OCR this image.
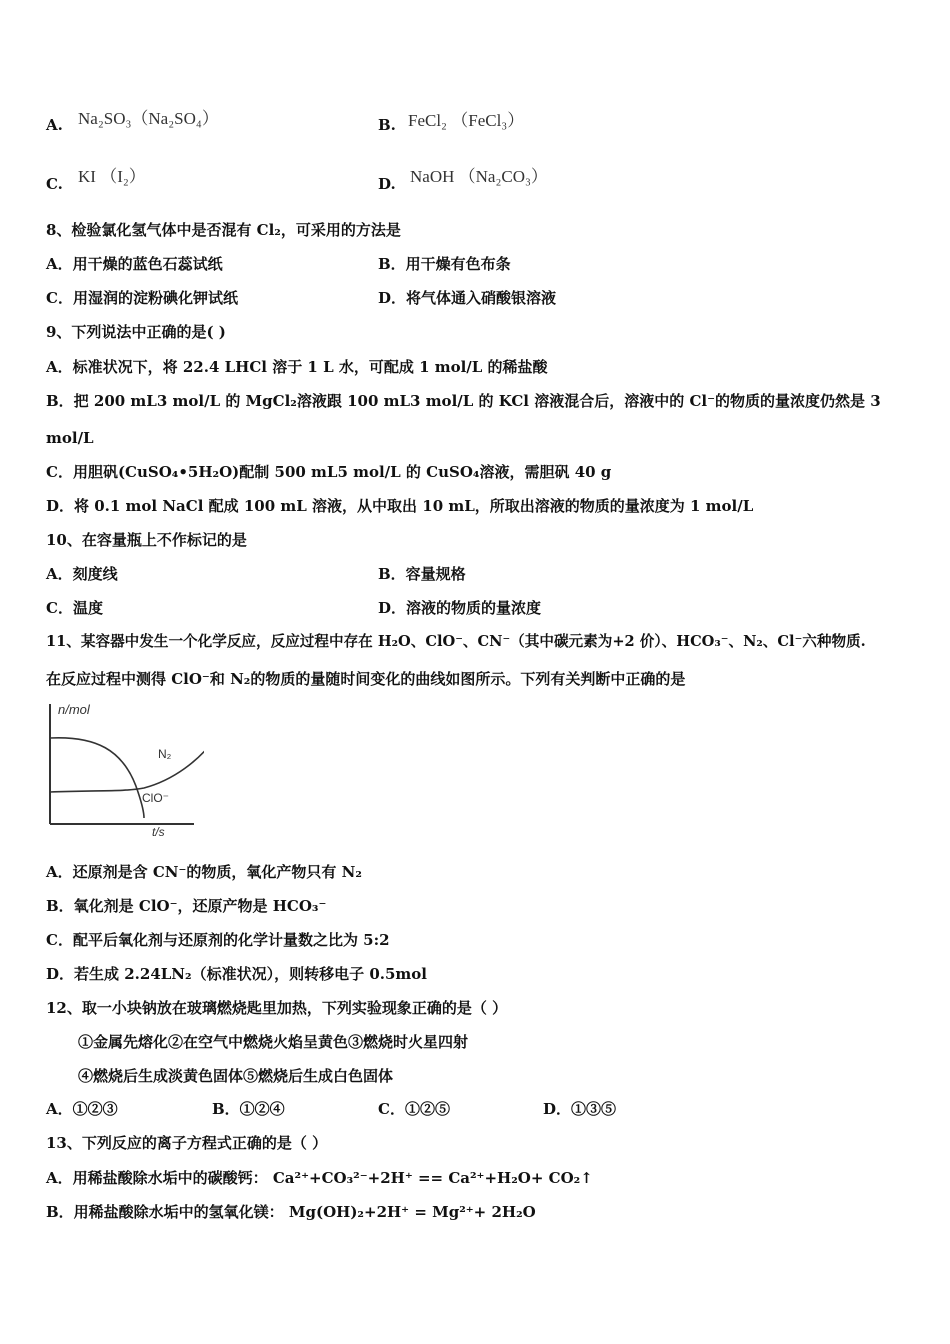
A. Na₂SO₃（Na₂SO₄）	B. FeCl₂ （FeCl₃）
C. KI （I₂）	D. NaOH （Na₂CO₃）
8、检验氯化氢气体中是否混有 Cl₂，可采用的方法是
A．用干燥的蓝色石蕊试纸	B．用干燥有色布条
C．用湿润的淀粉碘化钾试纸	D．将气体通入硝酸银溶液
9、下列说法中正确的是( )
A．标准状况下，将 22.4 LHCl 溶于 1 L 水，可配成 1 mol/L 的稀盐酸
B．把 200 mL3 mol/L 的 MgCl₂溶液跟 100 mL3 mol/L 的 KCl 溶液混合后，溶液中的 Cl⁻的物质的量浓度仍然是 3
mol/L
C．用胆矾(CuSO₄•5H₂O)配制 500 mL5 mol/L 的 CuSO₄溶液，需胆矾 40 g
D．将 0.1 mol NaCl 配成 100 mL 溶液，从中取出 10 mL，所取出溶液的物质的量浓度为 1 mol/L
10、在容量瓶上不作标记的是
A．刻度线	B．容量规格
C．温度	D．溶液的物质的量浓度
11、某容器中发生一个化学反应，反应过程中存在 H₂O、ClO⁻、CN⁻（其中碳元素为+2 价）、HCO₃⁻、N₂、Cl⁻六种物质.
在反应过程中测得 ClO⁻和 N₂的物质的量随时间变化的曲线如图所示。下列有关判断中正确的是
n/mol
N₂
ClO⁻
t/s
A．还原剂是含 CN⁻的物质，氧化产物只有 N₂
B．氧化剂是 ClO⁻，还原产物是 HCO₃⁻
C．配平后氧化剂与还原剂的化学计量数之比为 5:2
D．若生成 2.24LN₂（标准状况），则转移电子 0.5mol
12、取一小块钠放在玻璃燃烧匙里加热，下列实验现象正确的是（ ）
①金属先熔化②在空气中燃烧火焰呈黄色③燃烧时火星四射
④燃烧后生成淡黄色固体⑤燃烧后生成白色固体
A．①②③	B．①②④	C．①②⑤	D．①③⑤
13、下列反应的离子方程式正确的是（ ）
A．用稀盐酸除水垢中的碳酸钙： Ca²⁺+CO₃²⁻+2H⁺ == Ca²⁺+H₂O+ CO₂↑
B．用稀盐酸除水垢中的氢氧化镁： Mg(OH)₂+2H⁺ = Mg²⁺+ 2H₂O
